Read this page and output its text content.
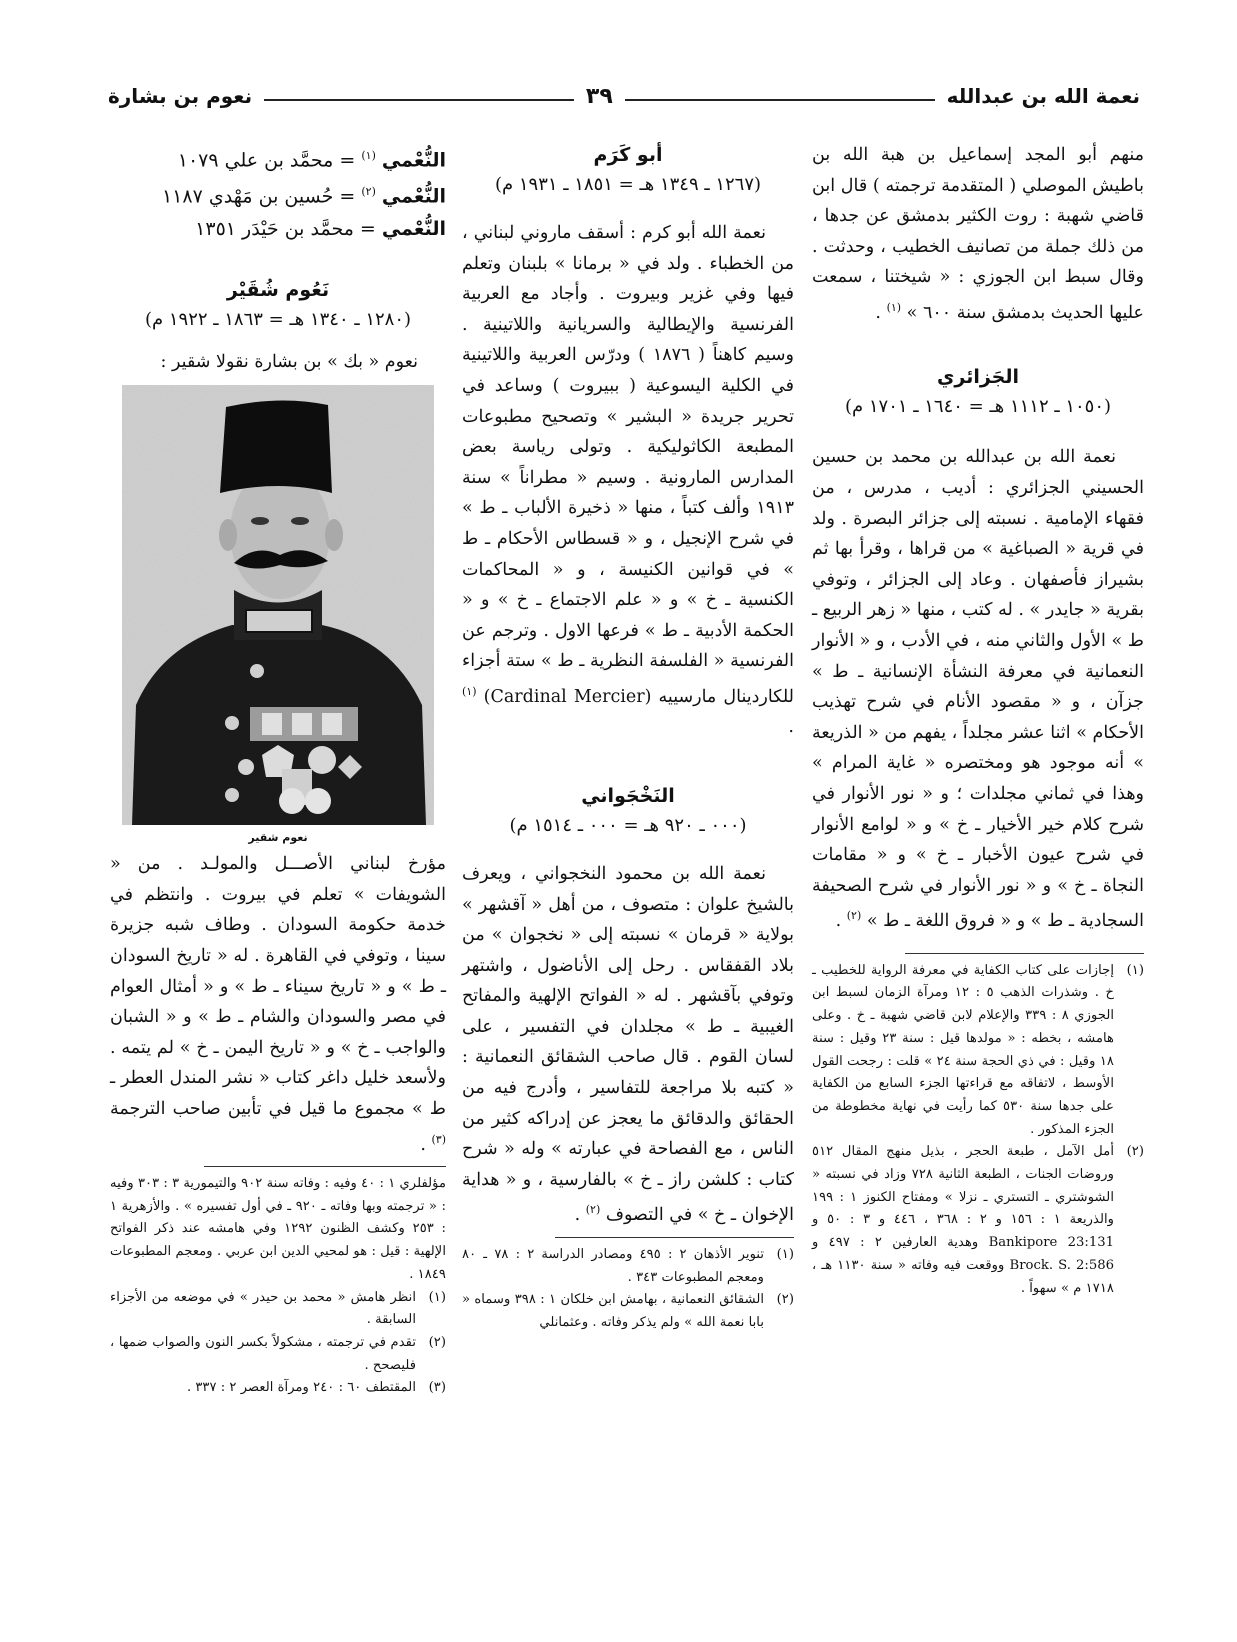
نعمة الله بن عبدالله
٣٩
نعوم بن بشارة

منهم أبو المجد إسماعيل بن هبة الله بن باطيش الموصلي ( المتقدمة ترجمته ) قال ابن قاضي شهبة : روت الكثير بدمشق عن جدها ، من ذلك جملة من تصانيف الخطيب ، وحدثت . وقال سبط ابن الجوزي : « شيختنا ، سمعت عليها الحديث بدمشق سنة ٦٠٠ » $^{(١)}$ .

الجَزائري
(١٠٥٠ ـ ١١١٢ هـ = ١٦٤٠ ـ ١٧٠١ م)

نعمة الله بن عبدالله بن محمد بن حسين الحسيني الجزائري : أديب ، مدرس ، من فقهاء الإمامية . نسبته إلى جزائر البصرة . ولد في قرية « الصباغية » من قراها ، وقرأ بها ثم بشيراز فأصفهان . وعاد إلى الجزائر ، وتوفي بقرية « جايدر » . له كتب ، منها « زهر الربيع ـ ط » الأول والثاني منه ، في الأدب ، و « الأنوار النعمانية في معرفة النشأة الإنسانية ـ ط » جزآن ، و « مقصود الأنام في شرح تهذيب الأحكام » اثنا عشر مجلداً ، يفهم من « الذريعة » أنه موجود هو ومختصره « غاية المرام » وهذا في ثماني مجلدات ؛ و « نور الأنوار في شرح كلام خير الأخيار ـ خ » و « لوامع الأنوار في شرح عيون الأخبار ـ خ » و « مقامات النجاة ـ خ » و « نور الأنوار في شرح الصحيفة السجادية ـ ط » و « فروق اللغة ـ ط » $^{(٢)}$ .

(١)
إجازات على كتاب الكفاية في معرفة الرواية للخطيب ـ خ . وشذرات الذهب ٥ : ١٢ ومرآة الزمان لسبط ابن الجوزي ٨ : ٣٣٩ والإعلام لابن قاضي شهبة ـ خ . وعلى هامشه ، بخطه : « مولدها قيل : سنة ٢٣ وقيل : سنة ١٨ وقيل : في ذي الحجة سنة ٢٤ » قلت : رجحت القول الأوسط ، لاتفاقه مع قراءتها الجزء السابع من الكفاية على جدها سنة ٥٣٠ كما رأيت في نهاية مخطوطة من الجزء المذكور .

(٢)
أمل الآمل ، طبعة الحجر ، بذيل منهج المقال ٥١٢ وروضات الجنات ، الطبعة الثانية ٧٢٨ وزاد في نسبته « الشوشتري ـ التستري ـ نزلا » ومفتاح الكنوز ١ : ١٩٩ والذريعة ١ : ١٥٦ و ٢ : ٣٦٨ ، ٤٤٦ و ٣ : ٥٠ و Bankipore 23:131 وهدية العارفين ٢ : ٤٩٧ و Brock. S. 2:586 ووقعت فيه وفاته « سنة ١١٣٠ هـ ، ١٧١٨ م » سهواً .

أبو كَرَم
(١٢٦٧ ـ ١٣٤٩ هـ = ١٨٥١ ـ ١٩٣١ م)

نعمة الله أبو كرم : أسقف ماروني لبناني ، من الخطباء . ولد في « برمانا » بلبنان وتعلم فيها وفي غزير وبيروت . وأجاد مع العربية الفرنسية والإيطالية والسريانية واللاتينية . وسيم كاهناً ( ١٨٧٦ ) ودرّس العربية واللاتينية في الكلية اليسوعية ( ببيروت ) وساعد في تحرير جريدة « البشير » وتصحيح مطبوعات المطبعة الكاثوليكية . وتولى رياسة بعض المدارس المارونية . وسيم « مطراناً » سنة ١٩١٣ وألف كتباً ، منها « ذخيرة الألباب ـ ط » في شرح الإنجيل ، و « قسطاس الأحكام ـ ط » في قوانين الكنيسة ، و « المحاكمات الكنسية ـ خ » و « علم الاجتماع ـ خ » و « الحكمة الأدبية ـ ط » فرعها الاول . وترجم عن الفرنسية « الفلسفة النظرية ـ ط » ستة أجزاء للكاردينال مارسييه (Cardinal Mercier) $^{(١)}$ .

النَخْجَواني
(٠٠٠ ـ ٩٢٠ هـ = ٠٠٠ ـ ١٥١٤ م)

نعمة الله بن محمود النخجواني ، ويعرف بالشيخ علوان : متصوف ، من أهل « آقشهر » بولاية « قرمان » نسبته إلى « نخجوان » من بلاد القفقاس . رحل إلى الأناضول ، واشتهر وتوفي بآقشهر . له « الفواتح الإلهية والمفاتح الغيبية ـ ط » مجلدان في التفسير ، على لسان القوم . قال صاحب الشقائق النعمانية : « كتبه بلا مراجعة للتفاسير ، وأدرج فيه من الحقائق والدقائق ما يعجز عن إدراكه كثير من الناس ، مع الفصاحة في عبارته » وله « شرح كتاب : كلشن راز ـ خ » بالفارسية ، و « هداية الإخوان ـ خ » في التصوف $^{(٢)}$ .

(١)
تنوير الأذهان ٢ : ٤٩٥ ومصادر الدراسة ٢ : ٧٨ ـ ٨٠ ومعجم المطبوعات ٣٤٣ .

(٢)
الشقائق النعمانية ، بهامش ابن خلكان ١ : ٣٩٨ وسماه « بابا نعمة الله » ولم يذكر وفاته . وعثمانلي

النُّعْمي $^{(١)}$ = محمَّد بن علي ١٠٧٩
النُّعْمي $^{(٢)}$ = حُسين بن مَهْدي ١١٨٧
النُّعْمي = محمَّد بن حَيْدَر ١٣٥١
نَعُوم شُقَيْر
(١٢٨٠ ـ ١٣٤٠ هـ = ١٨٦٣ ـ ١٩٢٢ م)

نعوم « بك » بن بشارة نقولا شقير :

نعوم شقير

مؤرخ لبناني الأصـــل والمولـد . من « الشويفات » تعلم في بيروت . وانتظم في خدمة حكومة السودان . وطاف شبه جزيرة سينا ، وتوفي في القاهرة . له « تاريخ السودان ـ ط » و « تاريخ سيناء ـ ط » و « أمثال العوام في مصر والسودان والشام ـ ط » و « الشبان والواجب ـ خ » و « تاريخ اليمن ـ خ » لم يتمه . ولأسعد خليل داغر كتاب « نشر المندل العطر ـ ط » مجموع ما قيل في تأبين صاحب الترجمة $^{(٣)}$ .

مؤلفلري ١ : ٤٠ وفيه : وفاته سنة ٩٠٢ والتيمورية ٣ : ٣٠٣ وفيه : « ترجمته وبها وفاته ـ ٩٢٠ ـ في أول تفسيره » . والأزهرية ١ : ٢٥٣ وكشف الظنون ١٢٩٢ وفي هامشه عند ذكر الفواتح الإلهية : قيل : هو لمحيي الدين ابن عربي . ومعجم المطبوعات ١٨٤٩ .

(١)
انظر هامش « محمد بن حيدر » في موضعه من الأجزاء السابقة .

(٢)
تقدم في ترجمته ، مشكولاً بكسر النون والصواب ضمها ، فليصحح .

(٣)
المقتطف ٦٠ : ٢٤٠ ومرآة العصر ٢ : ٣٣٧ .
